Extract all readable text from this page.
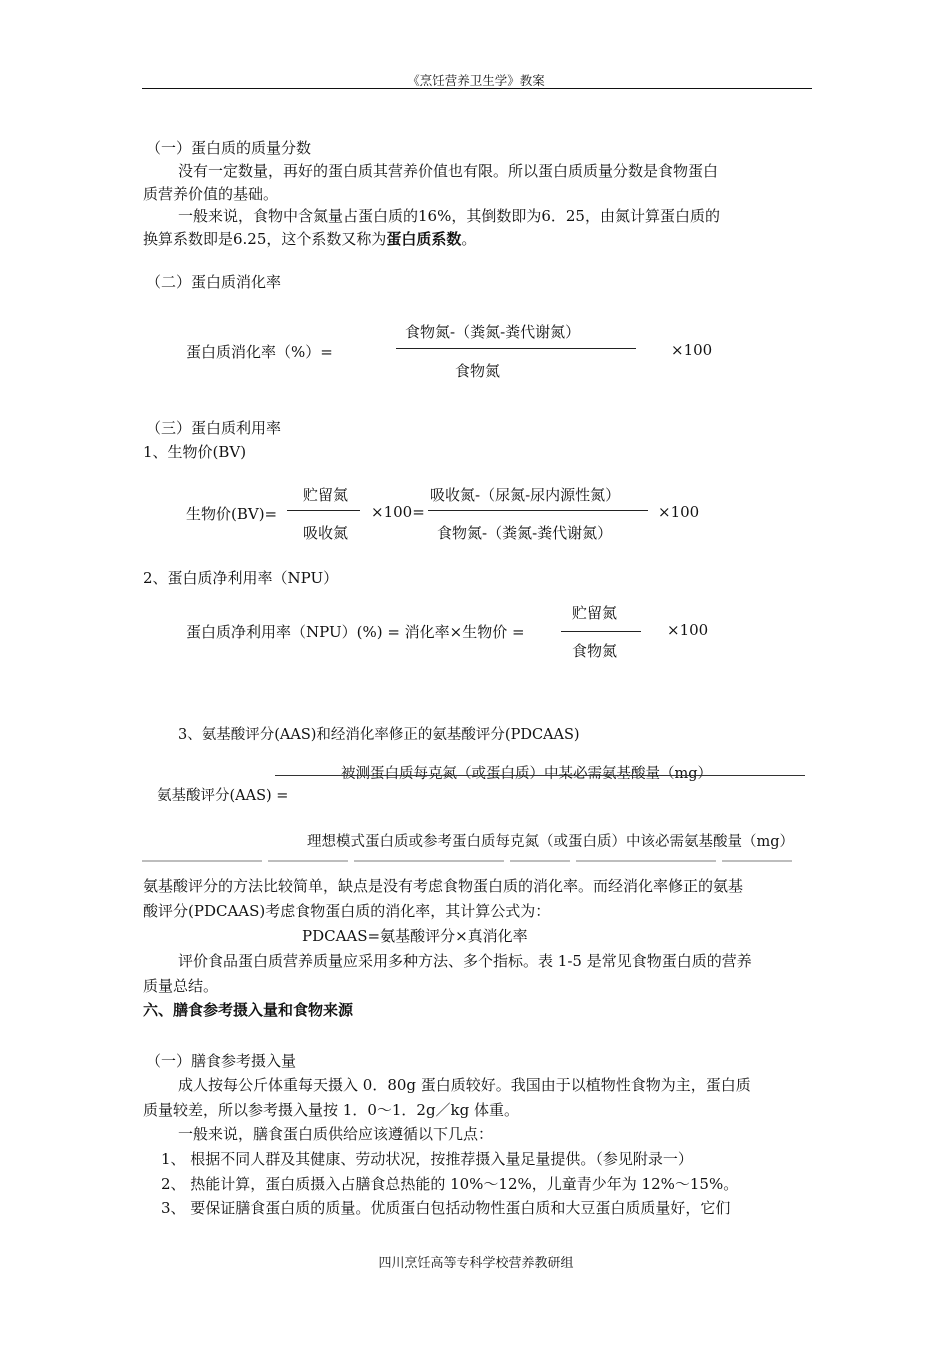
《烹饪营养卫生学》教案
（一）蛋白质的质量分数
没有一定数量，再好的蛋白质其营养价值也有限。所以蛋白质质量分数是食物蛋白
质营养价值的基础。
一般来说，食物中含氮量占蛋白质的16%，其倒数即为6．25，由氮计算蛋白质的
换算系数即是6.25，这个系数又称为蛋白质系数。
（二）蛋白质消化率
蛋白质消化率（%）=
食物氮-（粪氮-粪代谢氮）
食物氮
×100
（三）蛋白质利用率
1、生物价(BV)
生物价(BV)=
贮留氮
吸收氮
×100=
吸收氮-（尿氮-尿内源性氮）
食物氮-（粪氮-粪代谢氮）
×100
2、蛋白质净利用率（NPU）
蛋白质净利用率（NPU）(%) = 消化率×生物价 =
贮留氮
食物氮
×100
3、氨基酸评分(AAS)和经消化率修正的氨基酸评分(PDCAAS)
被测蛋白质每克氮（或蛋白质）中某必需氨基酸量（mg）
氨基酸评分(AAS) =
理想模式蛋白质或参考蛋白质每克氮（或蛋白质）中该必需氨基酸量（mg）
氨基酸评分的方法比较简单，缺点是没有考虑食物蛋白质的消化率。而经消化率修正的氨基
酸评分(PDCAAS)考虑食物蛋白质的消化率，其计算公式为：
PDCAAS=氨基酸评分×真消化率
评价食品蛋白质营养质量应采用多种方法、多个指标。表 1-5 是常见食物蛋白质的营养
质量总结。
六、膳食参考摄入量和食物来源
（一）膳食参考摄入量
成人按每公斤体重每天摄入 0．80g 蛋白质较好。我国由于以植物性食物为主，蛋白质
质量较差，所以参考摄入量按 1．0～1．2g／kg 体重。
一般来说，膳食蛋白质供给应该遵循以下几点：
1、 根据不同人群及其健康、劳动状况，按推荐摄入量足量提供。（参见附录一）
2、 热能计算，蛋白质摄入占膳食总热能的 10%～12%，儿童青少年为 12%～15%。
3、 要保证膳食蛋白质的质量。优质蛋白包括动物性蛋白质和大豆蛋白质质量好，它们
四川烹饪高等专科学校营养教研组
